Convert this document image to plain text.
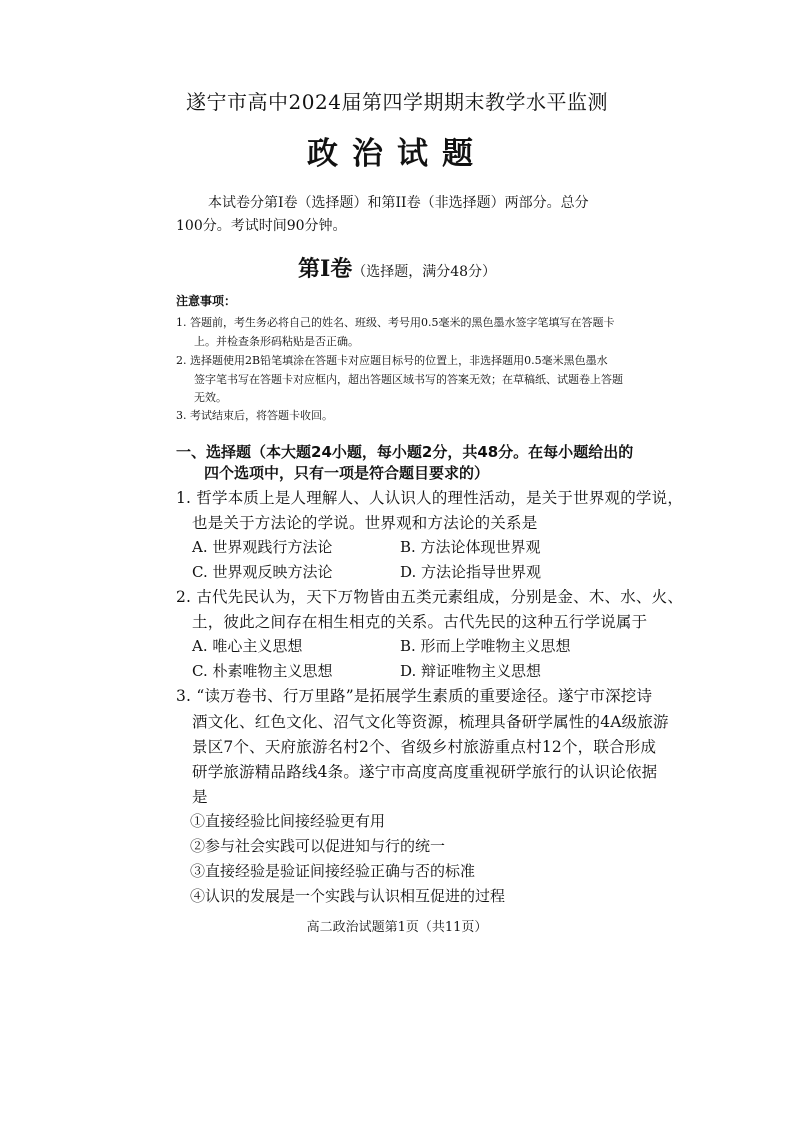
遂宁市高中2024届第四学期期末教学水平监测
政治试题
本试卷分第I卷（选择题）和第II卷（非选择题）两部分。总分
100分。考试时间90分钟。
第Ⅰ卷（选择题，满分48分）
注意事项：
1. 答题前，考生务必将自己的姓名、班级、考号用0.5毫米的黑色墨水签字笔填写在答题卡
上。并检查条形码粘贴是否正确。
2. 选择题使用2B铅笔填涂在答题卡对应题目标号的位置上，非选择题用0.5毫米黑色墨水
签字笔书写在答题卡对应框内，超出答题区域书写的答案无效；在草稿纸、试题卷上答题
无效。
3. 考试结束后，将答题卡收回。
一、选择题（本大题24小题，每小题2分，共48分。在每小题给出的
四个选项中，只有一项是符合题目要求的）
1. 哲学本质上是人理解人、人认识人的理性活动，是关于世界观的学说，
也是关于方法论的学说。世界观和方法论的关系是
A. 世界观践行方法论	B. 方法论体现世界观
C. 世界观反映方法论	D. 方法论指导世界观
2. 古代先民认为，天下万物皆由五类元素组成，分别是金、木、水、火、
土，彼此之间存在相生相克的关系。古代先民的这种五行学说属于
A. 唯心主义思想	B. 形而上学唯物主义思想
C. 朴素唯物主义思想	D. 辩证唯物主义思想
3. “读万卷书、行万里路”是拓展学生素质的重要途径。遂宁市深挖诗
酒文化、红色文化、沼气文化等资源，梳理具备研学属性的4A级旅游
景区7个、天府旅游名村2个、省级乡村旅游重点村12个，联合形成
研学旅游精品路线4条。遂宁市高度高度重视研学旅行的认识论依据
是
①直接经验比间接经验更有用
②参与社会实践可以促进知与行的统一
③直接经验是验证间接经验正确与否的标准
④认识的发展是一个实践与认识相互促进的过程
高二政治试题第1页（共11页）
